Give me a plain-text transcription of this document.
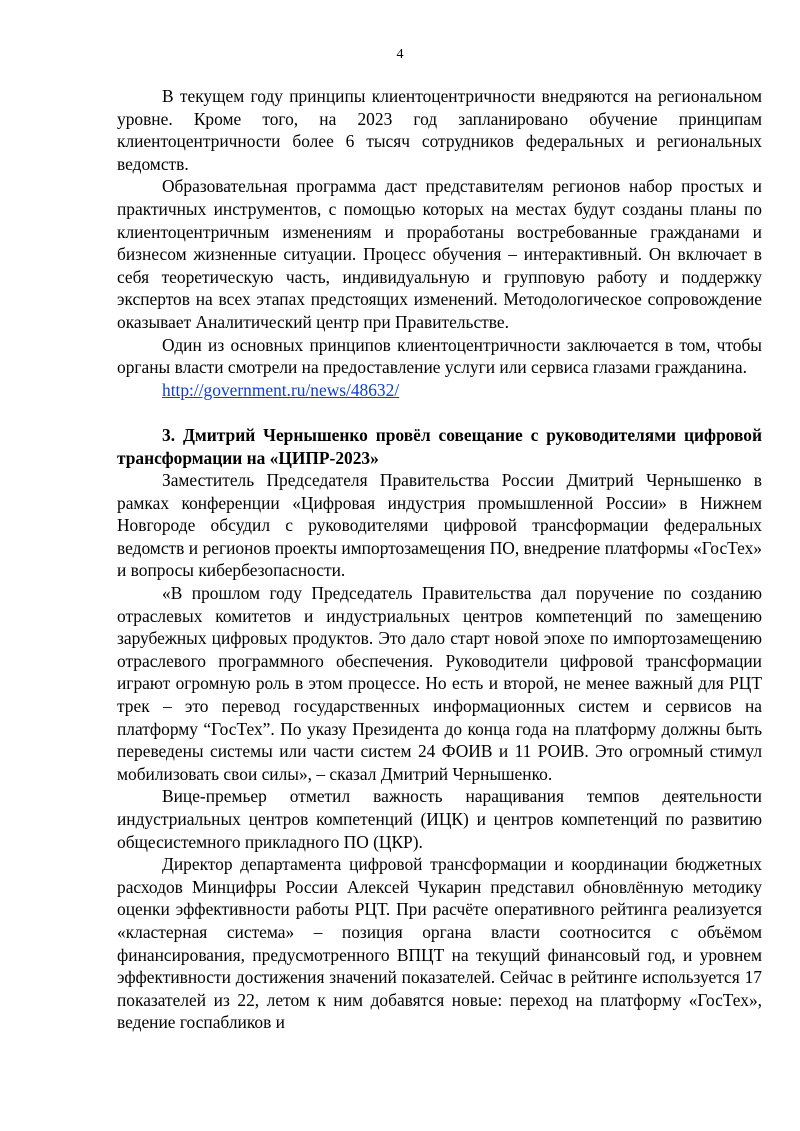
4

В текущем году принципы клиентоцентричности внедряются на региональном уровне. Кроме того, на 2023 год запланировано обучение принципам клиентоцентричности более 6 тысяч сотрудников федеральных и региональных ведомств.

Образовательная программа даст представителям регионов набор простых и практичных инструментов, с помощью которых на местах будут созданы планы по клиентоцентричным изменениям и проработаны востребованные гражданами и бизнесом жизненные ситуации. Процесс обучения – интерактивный. Он включает в себя теоретическую часть, индивидуальную и групповую работу и поддержку экспертов на всех этапах предстоящих изменений. Методологическое сопровождение оказывает Аналитический центр при Правительстве.

Один из основных принципов клиентоцентричности заключается в том, чтобы органы власти смотрели на предоставление услуги или сервиса глазами гражданина.

http://government.ru/news/48632/

3. Дмитрий Чернышенко провёл совещание с руководителями цифровой трансформации на «ЦИПР-2023»

Заместитель Председателя Правительства России Дмитрий Чернышенко в рамках конференции «Цифровая индустрия промышленной России» в Нижнем Новгороде обсудил с руководителями цифровой трансформации федеральных ведомств и регионов проекты импортозамещения ПО, внедрение платформы «ГосТех» и вопросы кибербезопасности.

«В прошлом году Председатель Правительства дал поручение по созданию отраслевых комитетов и индустриальных центров компетенций по замещению зарубежных цифровых продуктов. Это дало старт новой эпохе по импортозамещению отраслевого программного обеспечения. Руководители цифровой трансформации играют огромную роль в этом процессе. Но есть и второй, не менее важный для РЦТ трек – это перевод государственных информационных систем и сервисов на платформу “ГосТех”. По указу Президента до конца года на платформу должны быть переведены системы или части систем 24 ФОИВ и 11 РОИВ. Это огромный стимул мобилизовать свои силы», – сказал Дмитрий Чернышенко.

Вице-премьер отметил важность наращивания темпов деятельности индустриальных центров компетенций (ИЦК) и центров компетенций по развитию общесистемного прикладного ПО (ЦКР).

Директор департамента цифровой трансформации и координации бюджетных расходов Минцифры России Алексей Чукарин представил обновлённую методику оценки эффективности работы РЦТ. При расчёте оперативного рейтинга реализуется «кластерная система» – позиция органа власти соотносится с объёмом финансирования, предусмотренного ВПЦТ на текущий финансовый год, и уровнем эффективности достижения значений показателей. Сейчас в рейтинге используется 17 показателей из 22, летом к ним добавятся новые: переход на платформу «ГосТех», ведение госпабликов и
